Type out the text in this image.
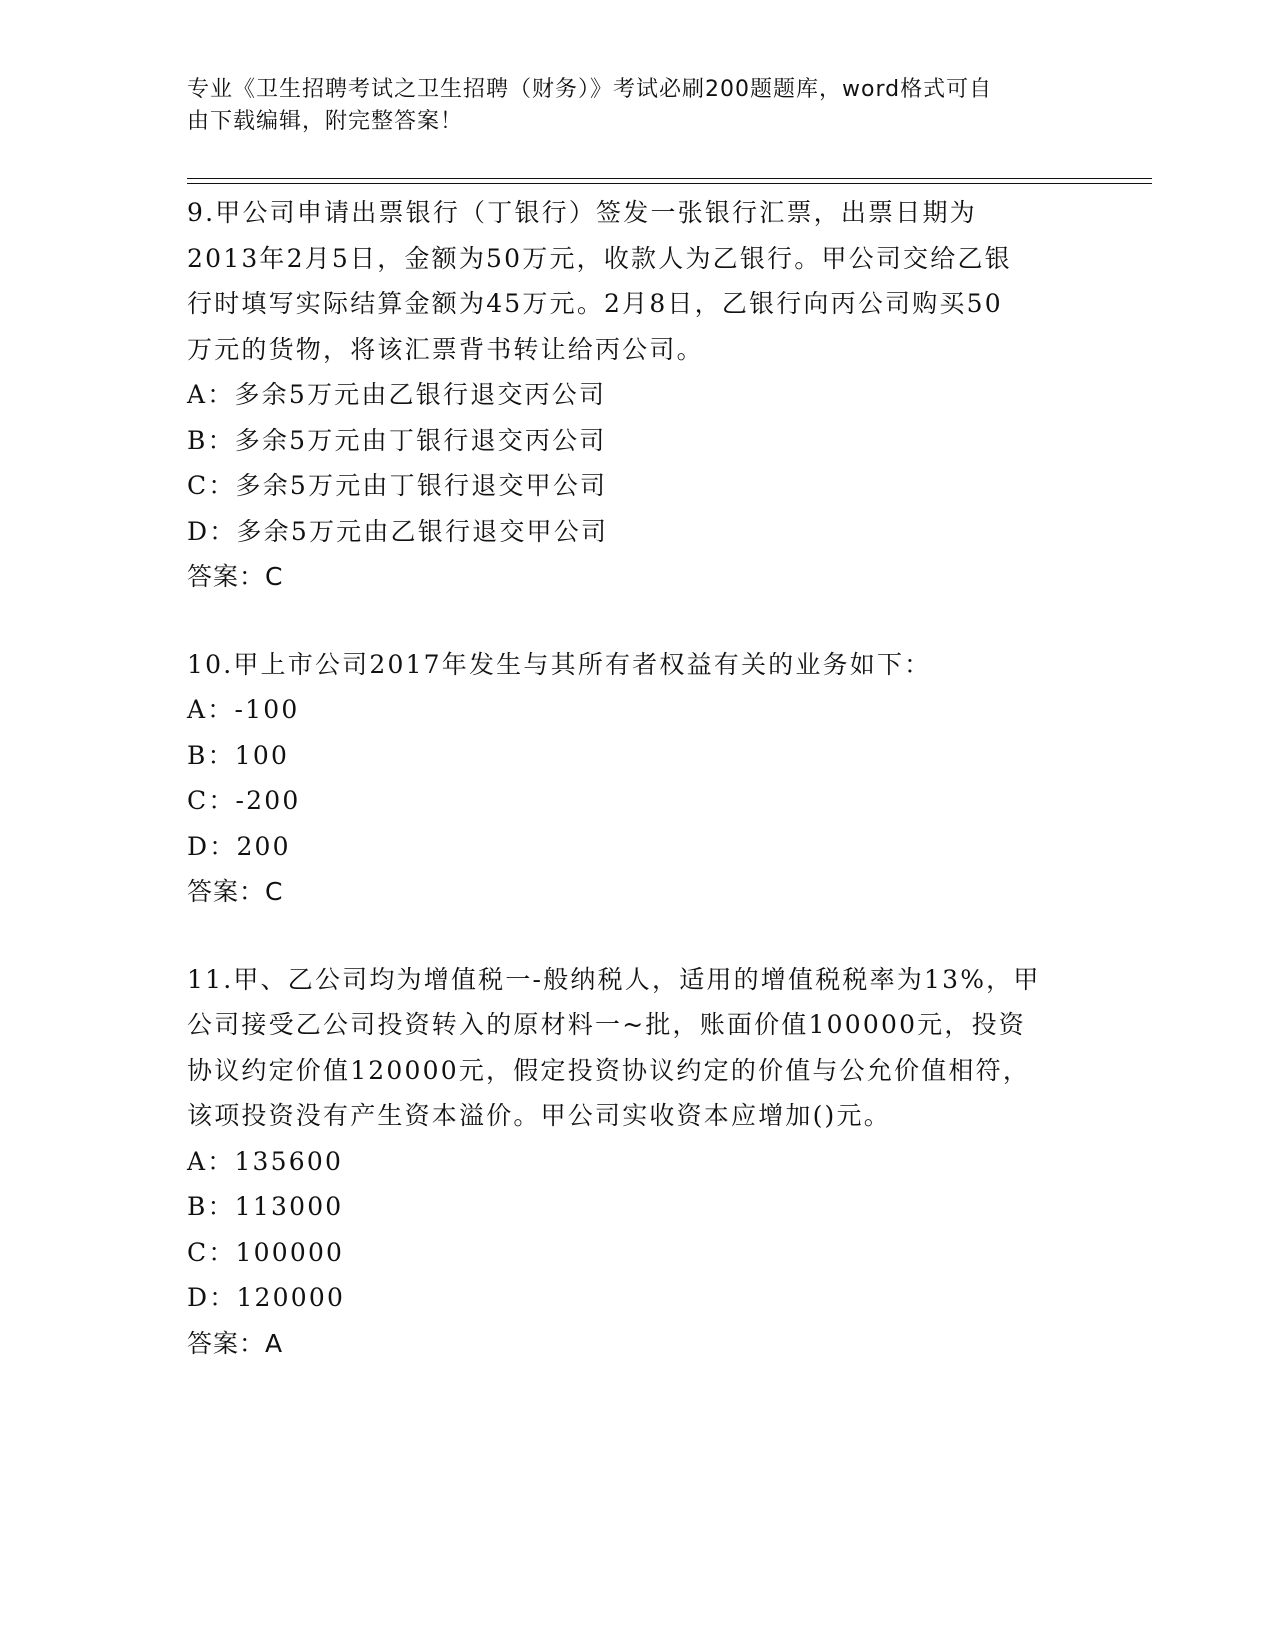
专业《卫生招聘考试之卫生招聘（财务）》考试必刷200题题库，word格式可自
由下载编辑，附完整答案！
9.甲公司申请出票银行（丁银行）签发一张银行汇票，出票日期为
2013年2月5日，金额为50万元，收款人为乙银行。甲公司交给乙银
行时填写实际结算金额为45万元。2月8日，乙银行向丙公司购买50
万元的货物，将该汇票背书转让给丙公司。
A：多余5万元由乙银行退交丙公司
B：多余5万元由丁银行退交丙公司
C：多余5万元由丁银行退交甲公司
D：多余5万元由乙银行退交甲公司
答案：C
10.甲上市公司2017年发生与其所有者权益有关的业务如下：
A：-100
B：100
C：-200
D：200
答案：C
11.甲、乙公司均为增值税一-般纳税人，适用的增值税税率为13%，甲
公司接受乙公司投资转入的原材料一~批，账面价值100000元，投资
协议约定价值120000元，假定投资协议约定的价值与公允价值相符，
该项投资没有产生资本溢价。甲公司实收资本应增加()元。
A：135600
B：113000
C：100000
D：120000
答案：A
